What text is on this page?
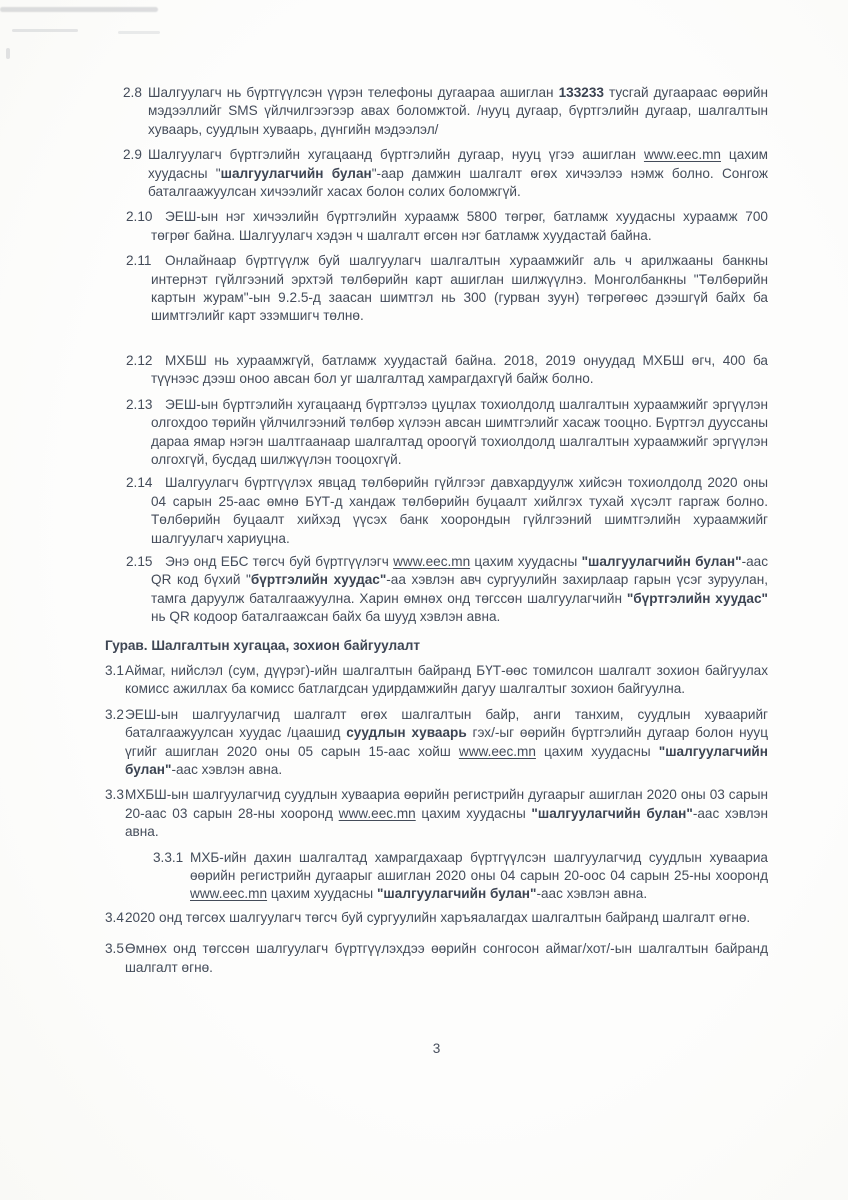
2.8 Шалгуулагч нь бүртгүүлсэн үүрэн телефоны дугаараа ашиглан 133233 тусгай дугаараас өөрийн мэдээллийг SMS үйлчилгээгээр авах боломжтой. /нууц дугаар, бүртгэлийн дугаар, шалгалтын хуваарь, суудлын хуваарь, дүнгийн мэдээлэл/
2.9 Шалгуулагч бүртгэлийн хугацаанд бүртгэлийн дугаар, нууц үгээ ашиглан www.eec.mn цахим хуудасны "шалгуулагчийн булан"-аар дамжин шалгалт өгөх хичээлээ нэмж болно. Сонгож баталгаажуулсан хичээлийг хасах болон солих боломжгүй.
2.10 ЭЕШ-ын нэг хичээлийн бүртгэлийн хураамж 5800 төгрөг, батламж хуудасны хураамж 700 төгрөг байна. Шалгуулагч хэдэн ч шалгалт өгсөн нэг батламж хуудастай байна.
2.11 Онлайнаар бүртгүүлж буй шалгуулагч шалгалтын хураамжийг аль ч арилжааны банкны интернэт гүйлгээний эрхтэй төлбөрийн карт ашиглан шилжүүлнэ. Монголбанкны "Төлбөрийн картын журам"-ын 9.2.5-д заасан шимтгэл нь 300 (гурван зуун) төгрөгөөс дээшгүй байх ба шимтгэлийг карт эзэмшигч төлнө.
2.12 МХБШ нь хураамжгүй, батламж хуудастай байна. 2018, 2019 онуудад МХБШ өгч, 400 ба түүнээс дээш оноо авсан бол уг шалгалтад хамрагдахгүй байж болно.
2.13 ЭЕШ-ын бүртгэлийн хугацаанд бүртгэлээ цуцлах тохиолдолд шалгалтын хураамжийг эргүүлэн олгохдоо төрийн үйлчилгээний төлбөр хүлээн авсан шимтгэлийг хасаж тооцно. Бүртгэл дууссаны дараа ямар нэгэн шалтгаанаар шалгалтад ороогүй тохиолдолд шалгалтын хураамжийг эргүүлэн олгохгүй, бусдад шилжүүлэн тооцохгүй.
2.14 Шалгуулагч бүртгүүлэх явцад төлбөрийн гүйлгээг давхардуулж хийсэн тохиолдолд 2020 оны 04 сарын 25-аас өмнө БҮТ-д хандаж төлбөрийн буцаалт хийлгэх тухай хүсэлт гаргаж болно. Төлбөрийн буцаалт хийхэд үүсэх банк хоорондын гүйлгээний шимтгэлийн хураамжийг шалгуулагч хариуцна.
2.15 Энэ онд ЕБС төгсч буй бүртгүүлэгч www.eec.mn цахим хуудасны "шалгуулагчийн булан"-аас QR код бүхий "бүртгэлийн хуудас"-аа хэвлэн авч сургуулийн захирлаар гарын үсэг зуруулан, тамга даруулж баталгаажуулна. Харин өмнөх онд төгссөн шалгуулагчийн "бүртгэлийн хуудас" нь QR кодоор баталгаажсан байх ба шууд хэвлэн авна.
Гурав. Шалгалтын хугацаа, зохион байгуулалт
3.1 Аймаг, нийслэл (сум, дүүрэг)-ийн шалгалтын байранд БҮТ-өөс томилсон шалгалт зохион байгуулах комисс ажиллах ба комисс батлагдсан удирдамжийн дагуу шалгалтыг зохион байгуулна.
3.2 ЭЕШ-ын шалгуулагчид шалгалт өгөх шалгалтын байр, анги танхим, суудлын хуваарийг баталгаажуулсан хуудас /цаашид суудлын хуваарь гэх/-ыг өөрийн бүртгэлийн дугаар болон нууц үгийг ашиглан 2020 оны 05 сарын 15-аас хойш www.eec.mn цахим хуудасны "шалгуулагчийн булан"-аас хэвлэн авна.
3.3 МХБШ-ын шалгуулагчид суудлын хуваариа өөрийн регистрийн дугаарыг ашиглан 2020 оны 03 сарын 20-аас 03 сарын 28-ны хооронд www.eec.mn цахим хуудасны "шалгуулагчийн булан"-аас хэвлэн авна.
3.3.1 МХБ-ийн дахин шалгалтад хамрагдахаар бүртгүүлсэн шалгуулагчид суудлын хуваариа өөрийн регистрийн дугаарыг ашиглан 2020 оны 04 сарын 20-оос 04 сарын 25-ны хооронд www.eec.mn цахим хуудасны "шалгуулагчийн булан"-аас хэвлэн авна.
3.4 2020 онд төгсөх шалгуулагч төгсч буй сургуулийн харъяалагдах шалгалтын байранд шалгалт өгнө.
3.5 Өмнөх онд төгссөн шалгуулагч бүртгүүлэхдээ өөрийн сонгосон аймаг/хот/-ын шалгалтын байранд шалгалт өгнө.
3
